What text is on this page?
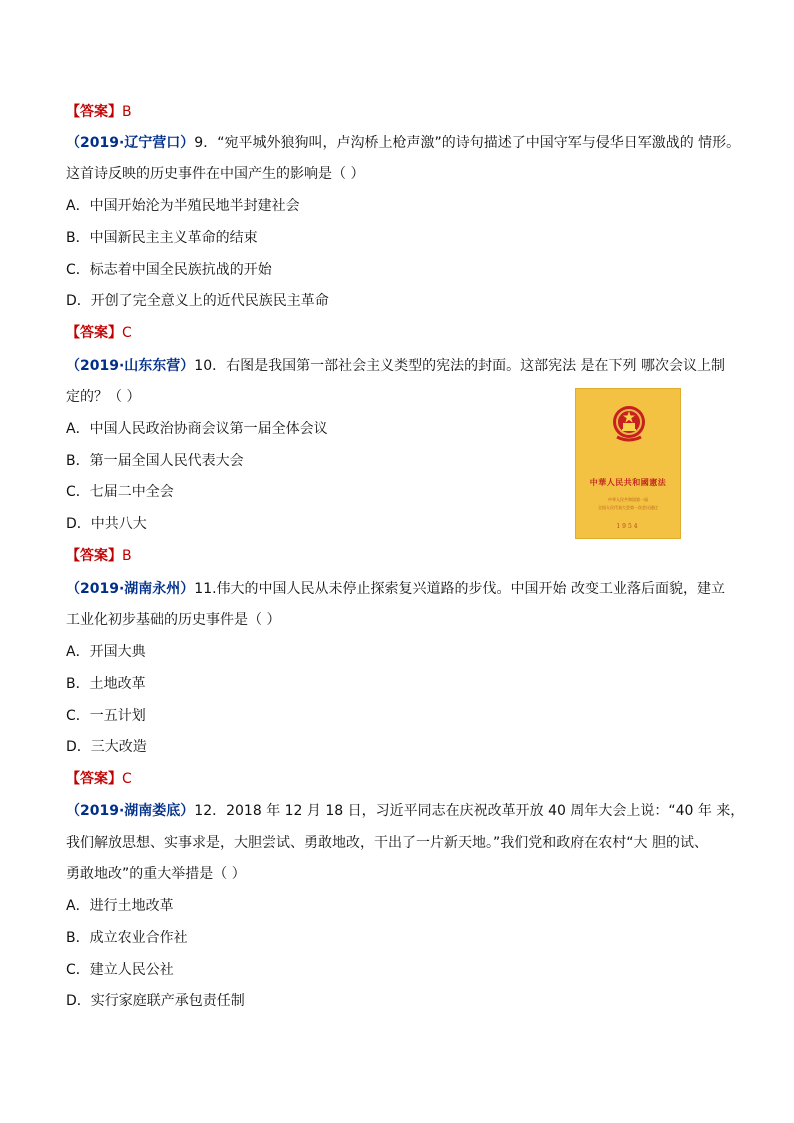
【答案】B
（2019·辽宁营口）9．“宛平城外狼狗叫，卢沟桥上枪声激”的诗句描述了中国守军与侵华日军激战的 情形。
这首诗反映的历史事件在中国产生的影响是（ ）
A．中国开始沦为半殖民地半封建社会
B．中国新民主主义革命的结束
C．标志着中国全民族抗战的开始
D．开创了完全意义上的近代民族民主革命
【答案】C
（2019·山东东营）10．右图是我国第一部社会主义类型的宪法的封面。这部宪法 是在下列 哪次会议上制
定的？（ ）
A．中国人民政治协商会议第一届全体会议
B．第一届全国人民代表大会
C．七届二中全会
D．中共八大
中華人民共和國憲法
中华人民共和国第一届
全国人民代表大会第一次会议通过
1954
【答案】B
（2019·湖南永州）11.伟大的中国人民从未停止探索复兴道路的步伐。中国开始 改变工业落后面貌，建立
工业化初步基础的历史事件是（ ）
A．开国大典
B．土地改革
C．一五计划
D．三大改造
【答案】C
（2019·湖南娄底）12．2018 年 12 月 18 日，习近平同志在庆祝改革开放 40 周年大会上说：“40 年 来，
我们解放思想、实事求是，大胆尝试、勇敢地改，干出了一片新天地。”我们党和政府在农村“大 胆的试、
勇敢地改”的重大举措是（ ）
A．进行土地改革
B．成立农业合作社
C．建立人民公社
D．实行家庭联产承包责任制
